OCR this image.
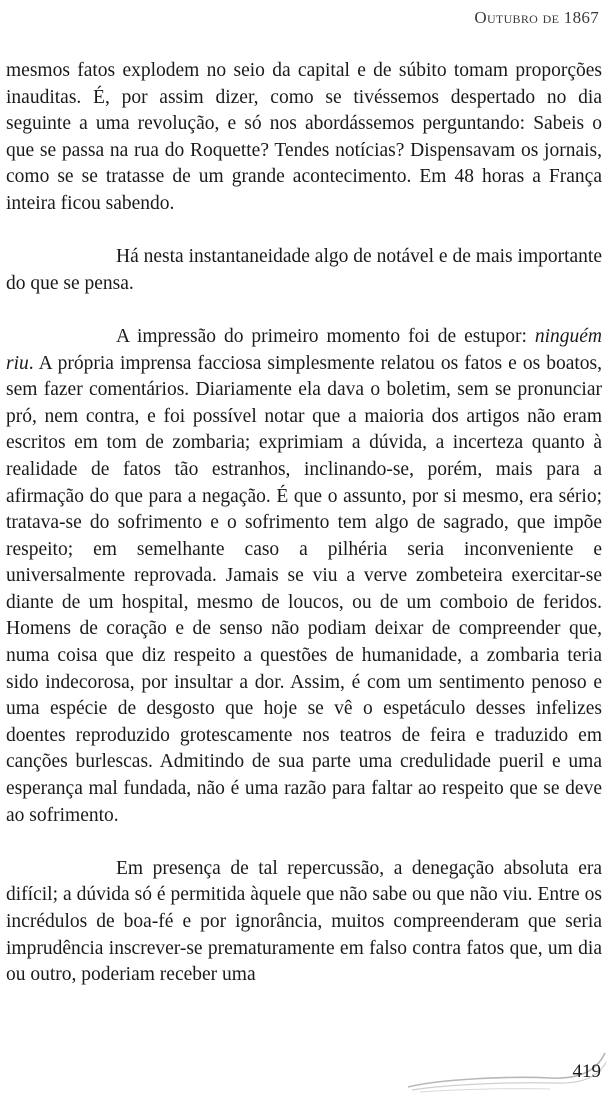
Outubro de 1867

mesmos fatos explodem no seio da capital e de súbito tomam proporções inauditas. É, por assim dizer, como se tivéssemos despertado no dia seguinte a uma revolução, e só nos abordássemos perguntando: Sabeis o que se passa na rua do Roquette? Tendes notícias? Dispensavam os jornais, como se se tratasse de um grande acontecimento. Em 48 horas a França inteira ficou sabendo.

Há nesta instantaneidade algo de notável e de mais importante do que se pensa.

A impressão do primeiro momento foi de estupor: ninguém riu. A própria imprensa facciosa simplesmente relatou os fatos e os boatos, sem fazer comentários. Diariamente ela dava o boletim, sem se pronunciar pró, nem contra, e foi possível notar que a maioria dos artigos não eram escritos em tom de zombaria; exprimiam a dúvida, a incerteza quanto à realidade de fatos tão estranhos, inclinando-se, porém, mais para a afirmação do que para a negação. É que o assunto, por si mesmo, era sério; tratava-se do sofrimento e o sofrimento tem algo de sagrado, que impõe respeito; em semelhante caso a pilhéria seria inconveniente e universalmente reprovada. Jamais se viu a verve zombeteira exercitar-se diante de um hospital, mesmo de loucos, ou de um comboio de feridos. Homens de coração e de senso não podiam deixar de compreender que, numa coisa que diz respeito a questões de humanidade, a zombaria teria sido indecorosa, por insultar a dor. Assim, é com um sentimento penoso e uma espécie de desgosto que hoje se vê o espetáculo desses infelizes doentes reproduzido grotescamente nos teatros de feira e traduzido em canções burlescas. Admitindo de sua parte uma credulidade pueril e uma esperança mal fundada, não é uma razão para faltar ao respeito que se deve ao sofrimento.

Em presença de tal repercussão, a denegação absoluta era difícil; a dúvida só é permitida àquele que não sabe ou que não viu. Entre os incrédulos de boa-fé e por ignorância, muitos compreenderam que seria imprudência inscrever-se prematuramente em falso contra fatos que, um dia ou outro, poderiam receber uma

419
